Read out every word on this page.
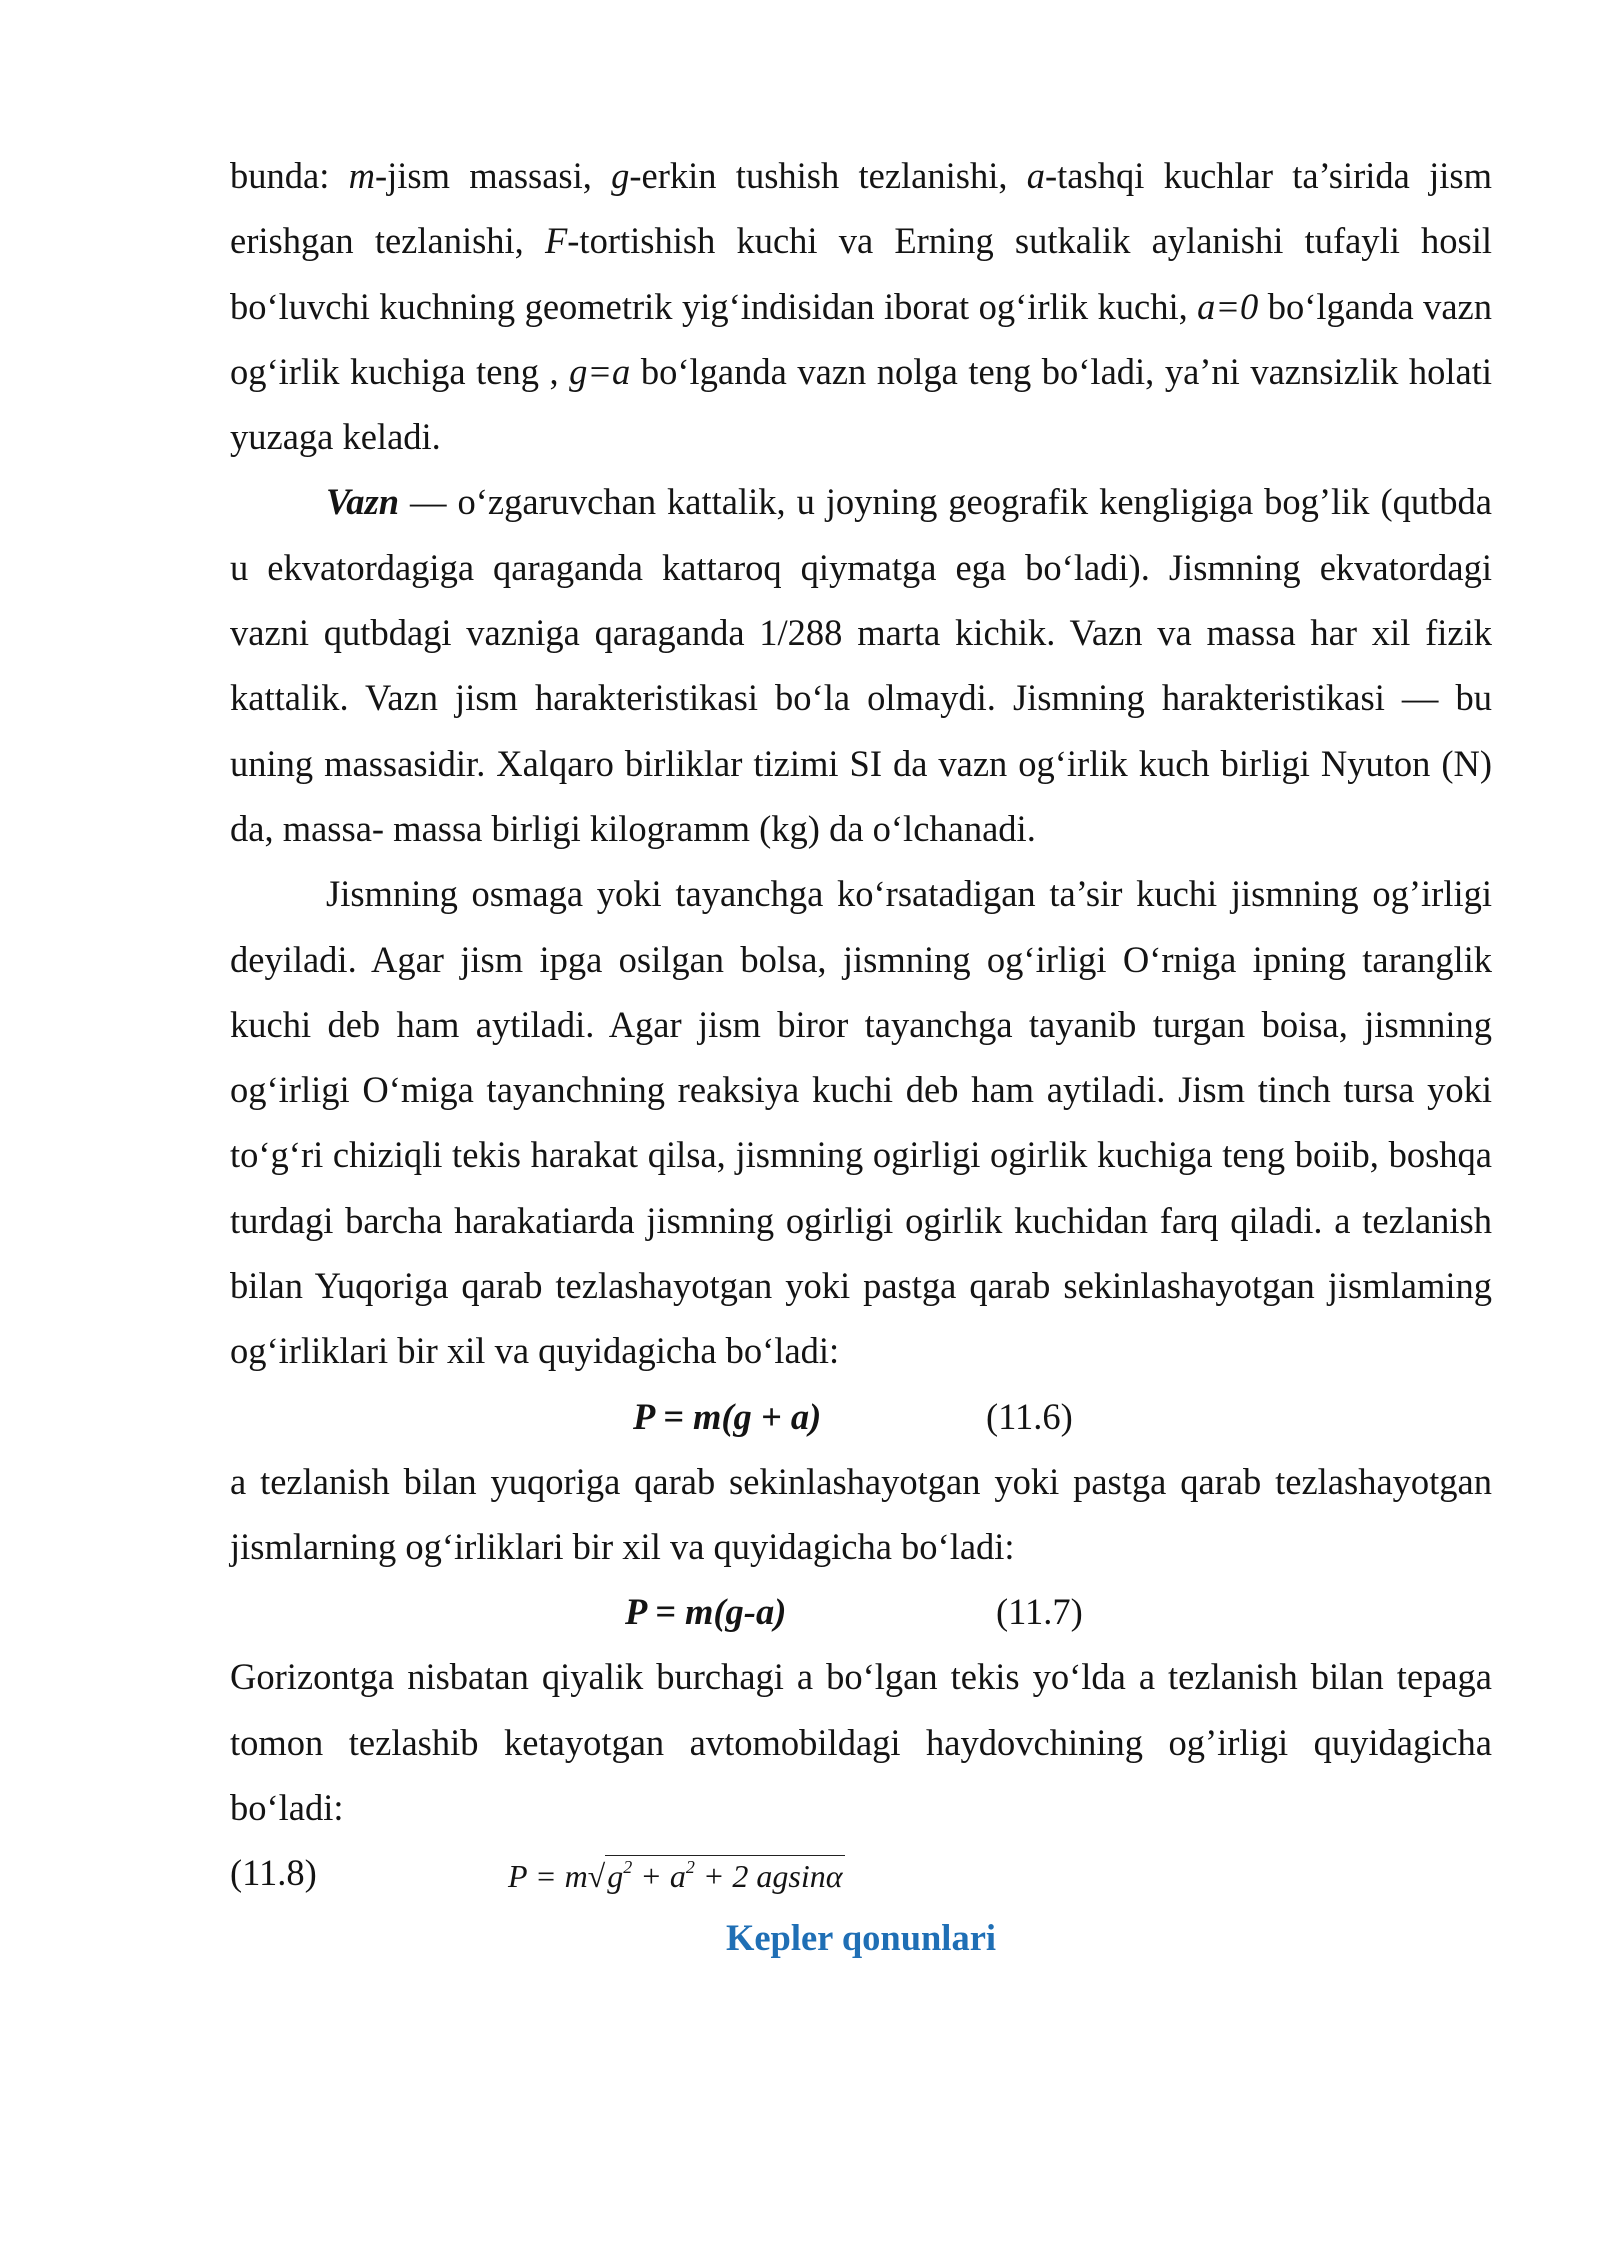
bunda: m-jism massasi, g-erkin tushish tezlanishi, a-tashqi kuchlar ta’sirida jism erishgan tezlanishi, F-tortishish kuchi va Erning sutkalik aylanishi tufayli hosil bo‘luvchi kuchning geometrik yig‘indisidan iborat og‘irlik kuchi, a=0 bo‘lganda vazn og‘irlik kuchiga teng , g=a bo‘lganda vazn nolga teng bo‘ladi, ya’ni vaznsizlik holati yuzaga keladi.

Vazn — o‘zgaruvchan kattalik, u joyning geografik kengligiga bog’lik (qutbda u ekvatordagiga qaraganda kattaroq qiymatga ega bo‘ladi). Jismning ekvatordagi vazni qutbdagi vazniga qaraganda 1/288 marta kichik. Vazn va massa har xil fizik kattalik. Vazn jism harakteristikasi bo‘la olmaydi. Jismning harakteristikasi — bu uning massasidir. Xalqaro birliklar tizimi SI da vazn og‘irlik kuch birligi Nyuton (N) da, massa- massa birligi kilogramm (kg) da o‘lchanadi.

Jismning osmaga yoki tayanchga ko‘rsatadigan ta’sir kuchi jismning og’irligi deyiladi. Agar jism ipga osilgan bolsa, jismning og‘irligi O‘rniga ipning taranglik kuchi deb ham aytiladi. Agar jism biror tayanchga tayanib turgan boisa, jismning og‘irligi O‘miga tayanchning reaksiya kuchi deb ham aytiladi. Jism tinch tursa yoki to‘g‘ri chiziqli tekis harakat qilsa, jismning ogirligi ogirlik kuchiga teng boiib, boshqa turdagi barcha harakatiarda jismning ogirligi ogirlik kuchidan farq qiladi. a tezlanish bilan Yuqoriga qarab tezlashayotgan yoki pastga qarab sekinlashayotgan jismlaming og‘irliklari bir xil va quyidagicha bo‘ladi:

P = m(g + a)	(11.6)

a tezlanish bilan yuqoriga qarab sekinlashayotgan yoki pastga qarab tezlashayotgan jismlarning og‘irliklari bir xil va quyidagicha bo‘ladi:

P = m(g-a)	(11.7)

Gorizontga nisbatan qiyalik burchagi a bo‘lgan tekis yo‘lda a tezlanish bilan tepaga tomon tezlashib ketayotgan avtomobildagi haydovchining og’irligi quyidagicha bo‘ladi:

$P = m√g^2 + a^2 + 2$ agsinα
(11.8)
Kepler qonunlari
